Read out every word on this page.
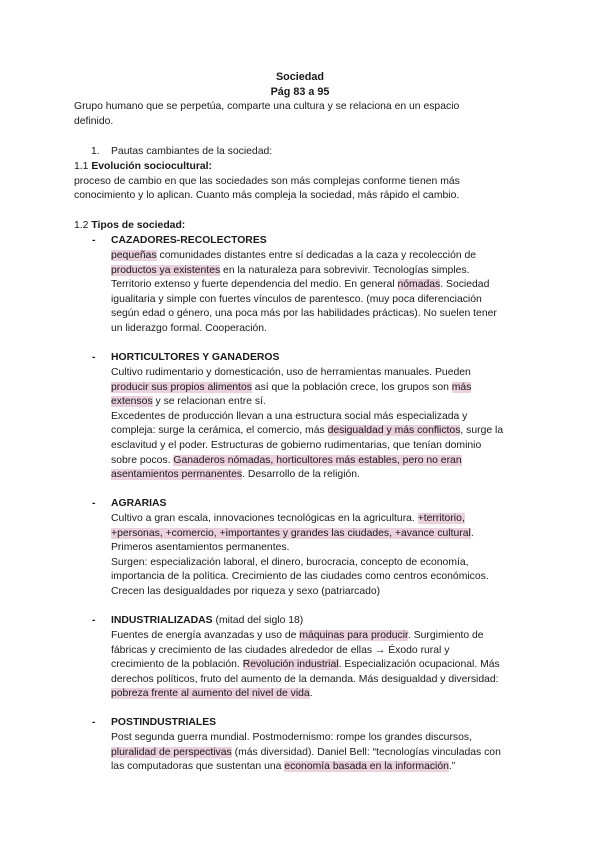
Sociedad
Pág 83 a 95
Grupo humano que se perpetúa, comparte una cultura y se relaciona en un espacio
definido.
1. Pautas cambiantes de la sociedad:
1.1 Evolución sociocultural:
proceso de cambio en que las sociedades son más complejas conforme tienen más
conocimiento y lo aplican. Cuanto más compleja la sociedad, más rápido el cambio.
1.2 Tipos de sociedad:
- CAZADORES-RECOLECTORES
pequeñas comunidades distantes entre sí dedicadas a la caza y recolección de
productos ya existentes en la naturaleza para sobrevivir. Tecnologías simples.
Territorio extenso y fuerte dependencia del medio. En general nómadas. Sociedad
igualitaria y simple con fuertes vínculos de parentesco. (muy poca diferenciación
según edad o género, una poca más por las habilidades prácticas). No suelen tener
un liderazgo formal. Cooperación.
- HORTICULTORES Y GANADEROS
Cultivo rudimentario y domesticación, uso de herramientas manuales. Pueden
producir sus propios alimentos así que la población crece, los grupos son más
extensos y se relacionan entre sí.
Excedentes de producción llevan a una estructura social más especializada y
compleja: surge la cerámica, el comercio, más desigualdad y más conflictos, surge la
esclavitud y el poder. Estructuras de gobierno rudimentarias, que tenían dominio
sobre pocos. Ganaderos nómadas, horticultores más estables, pero no eran
asentamientos permanentes. Desarrollo de la religión.
- AGRARIAS
Cultivo a gran escala, innovaciones tecnológicas en la agricultura. +territorio,
+personas, +comercio, +importantes y grandes las ciudades, +avance cultural.
Primeros asentamientos permanentes.
Surgen: especialización laboral, el dinero, burocracia, concepto de economía,
importancia de la política. Crecimiento de las ciudades como centros económicos.
Crecen las desigualdades por riqueza y sexo (patriarcado)
- INDUSTRIALIZADAS (mitad del siglo 18)
Fuentes de energía avanzadas y uso de máquinas para producir. Surgimiento de
fábricas y crecimiento de las ciudades alrededor de ellas → Éxodo rural y
crecimiento de la población. Revolución industrial. Especialización ocupacional. Más
derechos políticos, fruto del aumento de la demanda. Más desigualdad y diversidad:
pobreza frente al aumento del nivel de vida.
- POSTINDUSTRIALES
Post segunda guerra mundial. Postmodernismo: rompe los grandes discursos,
pluralidad de perspectivas (más diversidad). Daniel Bell: “tecnologías vinculadas con
las computadoras que sustentan una economía basada en la información.”
